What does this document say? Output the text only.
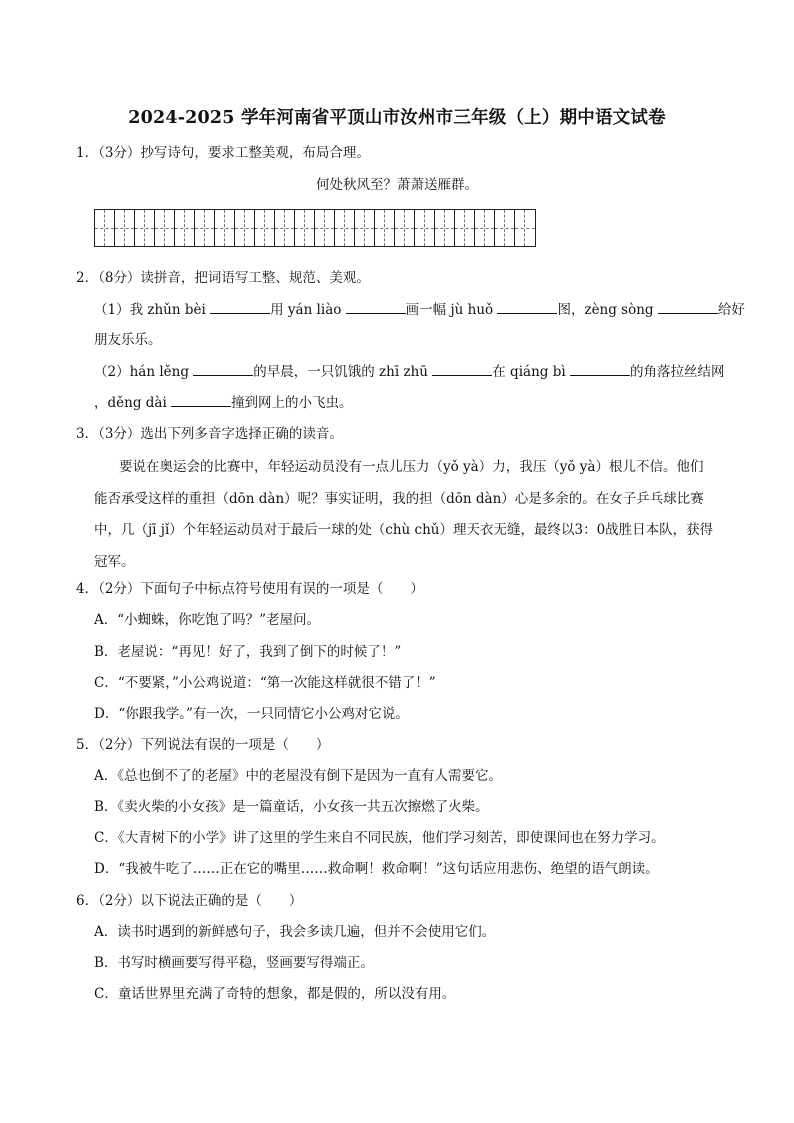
2024-2025 学年河南省平顶山市汝州市三年级（上）期中语文试卷
1．（3分）抄写诗句，要求工整美观，布局合理。
何处秋风至？萧萧送雁群。
2．（8分）读拼音，把词语写工整、规范、美观。
（1）我 zhǔn bèi	用 yán liào	画一幅 jù huǒ	图，zèng sòng	给好
朋友乐乐。
（2）hán lěng	的早晨，一只饥饿的 zhī zhū	在 qiáng bì	的角落拉丝结网
，děng dài	撞到网上的小飞虫。
3．（3分）选出下列多音字选择正确的读音。
要说在奥运会的比赛中，年轻运动员没有一点儿压力（yǒ yà）力，我压（yǒ yà）根儿不信。他们能否承受这样的重担（dōn dàn）呢？事实证明，我的担（dōn dàn）心是多余的。在女子乒乓球比赛中，几（jī jǐ）个年轻运动员对于最后一球的处（chù chǔ）理天衣无缝，最终以3：0战胜日本队，获得冠军。
4．（2分）下面句子中标点符号使用有误的一项是（　　）
A．“小蜘蛛，你吃饱了吗？”老屋问。
B．老屋说：“再见！好了，我到了倒下的时候了！”
C．“不要紧，”小公鸡说道：“第一次能这样就很不错了！”
D．“你跟我学。”有一次，一只同情它小公鸡对它说。
5．（2分）下列说法有误的一项是（　　）
A．《总也倒不了的老屋》中的老屋没有倒下是因为一直有人需要它。
B．《卖火柴的小女孩》是一篇童话，小女孩一共五次擦燃了火柴。
C．《大青树下的小学》讲了这里的学生来自不同民族，他们学习刻苦，即使课间也在努力学习。
D．“我被牛吃了……正在它的嘴里……救命啊！救命啊！”这句话应用悲伤、绝望的语气朗读。
6．（2分）以下说法正确的是（　　）
A．读书时遇到的新鲜感句子，我会多读几遍，但并不会使用它们。
B．书写时横画要写得平稳，竖画要写得端正。
C．童话世界里充满了奇特的想象，都是假的，所以没有用。
